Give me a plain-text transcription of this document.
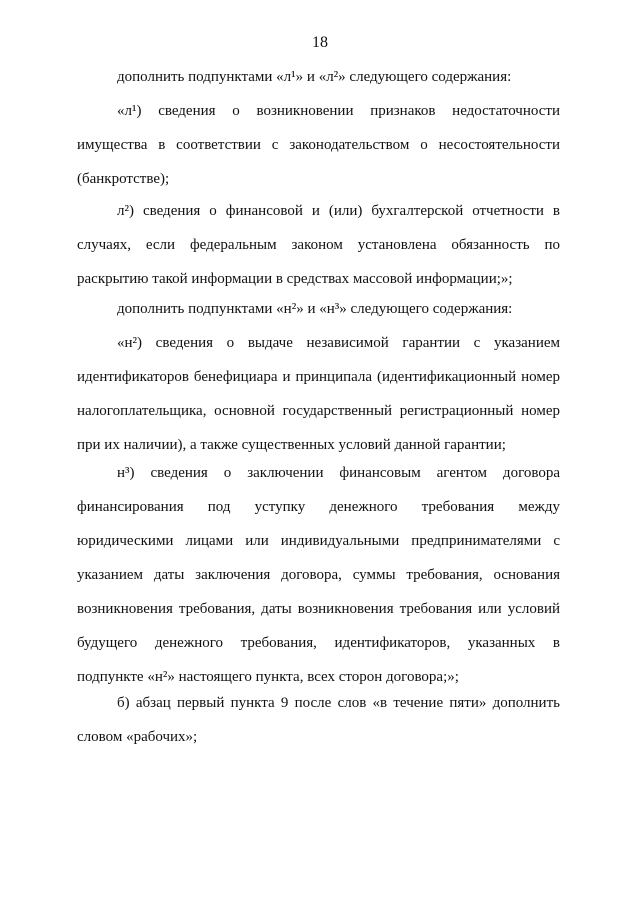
18
дополнить подпунктами «л¹» и «л²» следующего содержания:
«л¹) сведения о возникновении признаков недостаточности
имущества в соответствии с законодательством о несостоятельности
(банкротстве);
л²) сведения о финансовой и (или) бухгалтерской отчетности в
случаях, если федеральным законом установлена обязанность по
раскрытию такой информации в средствах массовой информации;»;
дополнить подпунктами «н²» и «н³» следующего содержания:
«н²) сведения о выдаче независимой гарантии с указанием
идентификаторов бенефициара и принципала (идентификационный номер
налогоплательщика, основной государственный регистрационный номер
при их наличии), а также существенных условий данной гарантии;
н³) сведения о заключении финансовым агентом договора
финансирования под уступку денежного требования между
юридическими лицами или индивидуальными предпринимателями с
указанием даты заключения договора, суммы требования, основания
возникновения требования, даты возникновения требования или условий
будущего денежного требования, идентификаторов, указанных в
подпункте «н²» настоящего пункта, всех сторон договора;»;
б) абзац первый пункта 9 после слов «в течение пяти» дополнить
словом «рабочих»;
